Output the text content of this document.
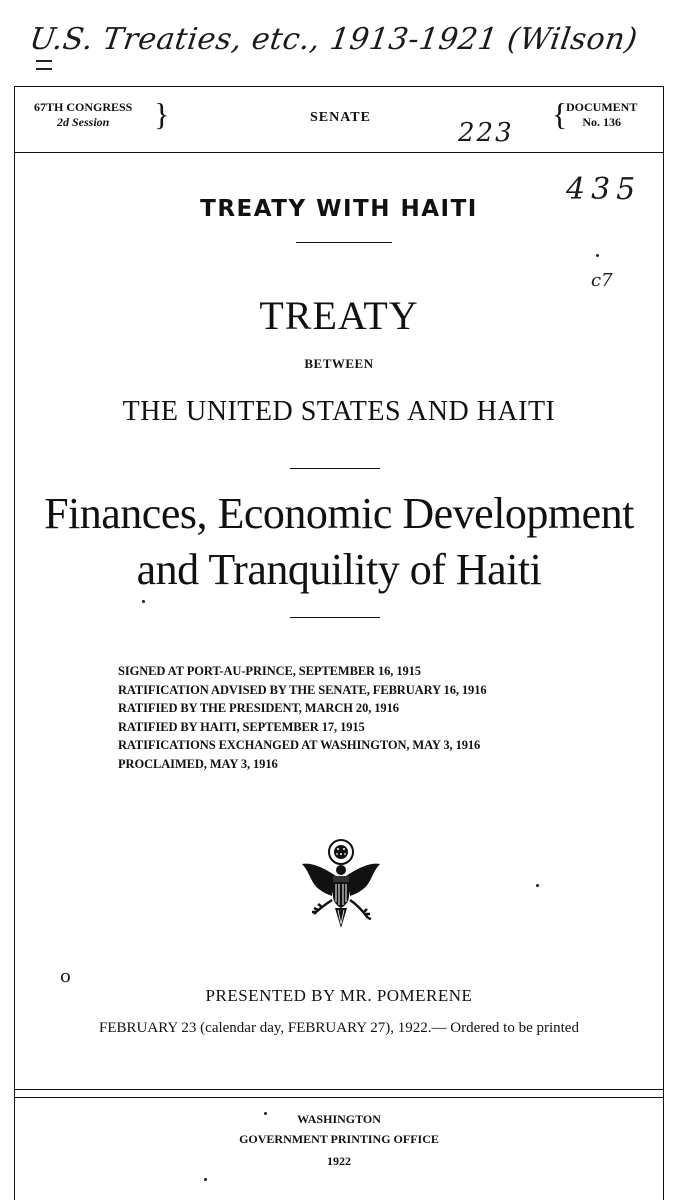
U.S. Treaties, etc., 1913-1921 (Wilson)
223
435
c7
o
67TH CONGRESS
2d Session	}	SENATE	{
DOCUMENT
No. 136
TREATY WITH HAITI
TREATY
BETWEEN
THE UNITED STATES AND HAITI
Finances, Economic Development
and Tranquility of Haiti
SIGNED AT PORT-AU-PRINCE, SEPTEMBER 16, 1915
RATIFICATION ADVISED BY THE SENATE, FEBRUARY 16, 1916
RATIFIED BY THE PRESIDENT, MARCH 20, 1916
RATIFIED BY HAITI, SEPTEMBER 17, 1915
RATIFICATIONS EXCHANGED AT WASHINGTON, MAY 3, 1916
PROCLAIMED, MAY 3, 1916
PRESENTED BY MR. POMERENE
FEBRUARY 23 (calendar day, FEBRUARY 27), 1922.— Ordered to be printed
WASHINGTON
GOVERNMENT PRINTING OFFICE
1922
